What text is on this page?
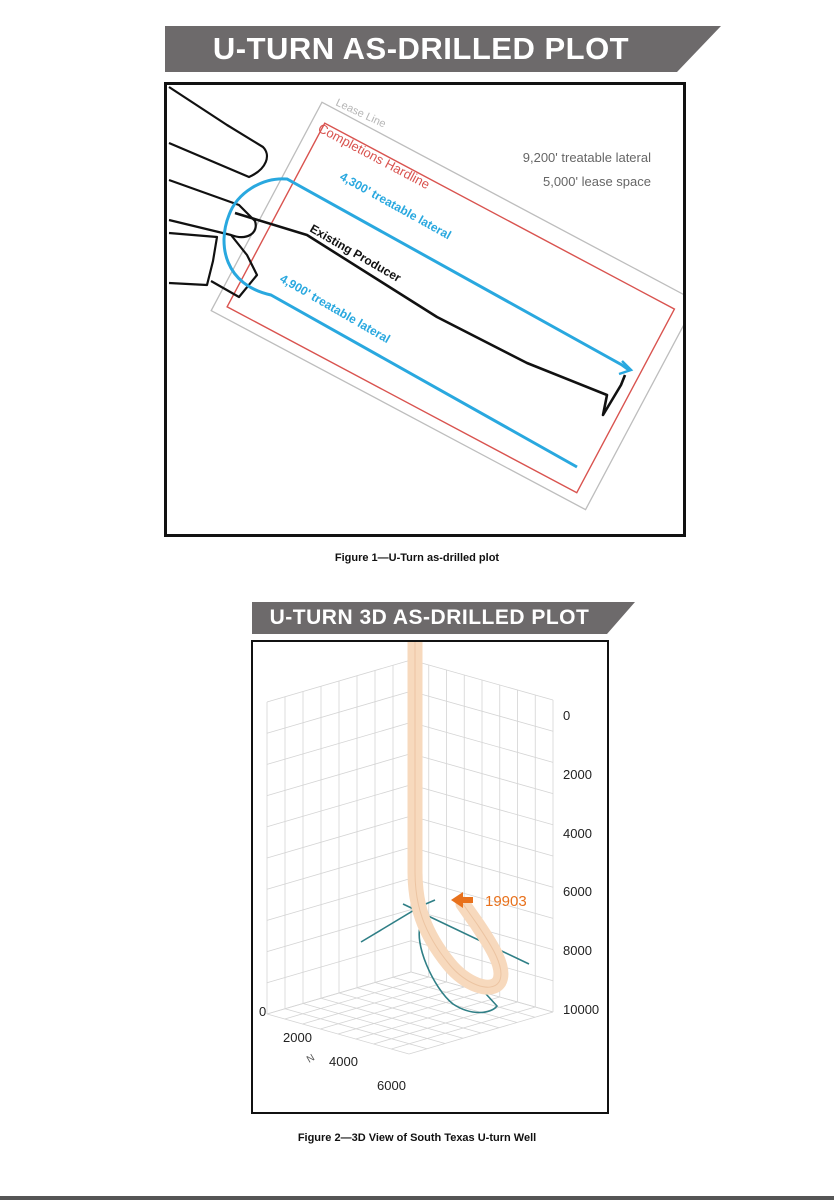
U-TURN AS-DRILLED PLOT
Lease Line
Completions Hardline
4,300' treatable lateral
Existing Producer
4,900' treatable lateral
9,200' treatable lateral
5,000' lease space
Figure 1—U-Turn as-drilled plot
U-TURN 3D AS-DRILLED PLOT
19903
0
2000
4000
6000
8000
10000
0
2000
4000
6000
N
Figure 2—3D View of South Texas U-turn Well
